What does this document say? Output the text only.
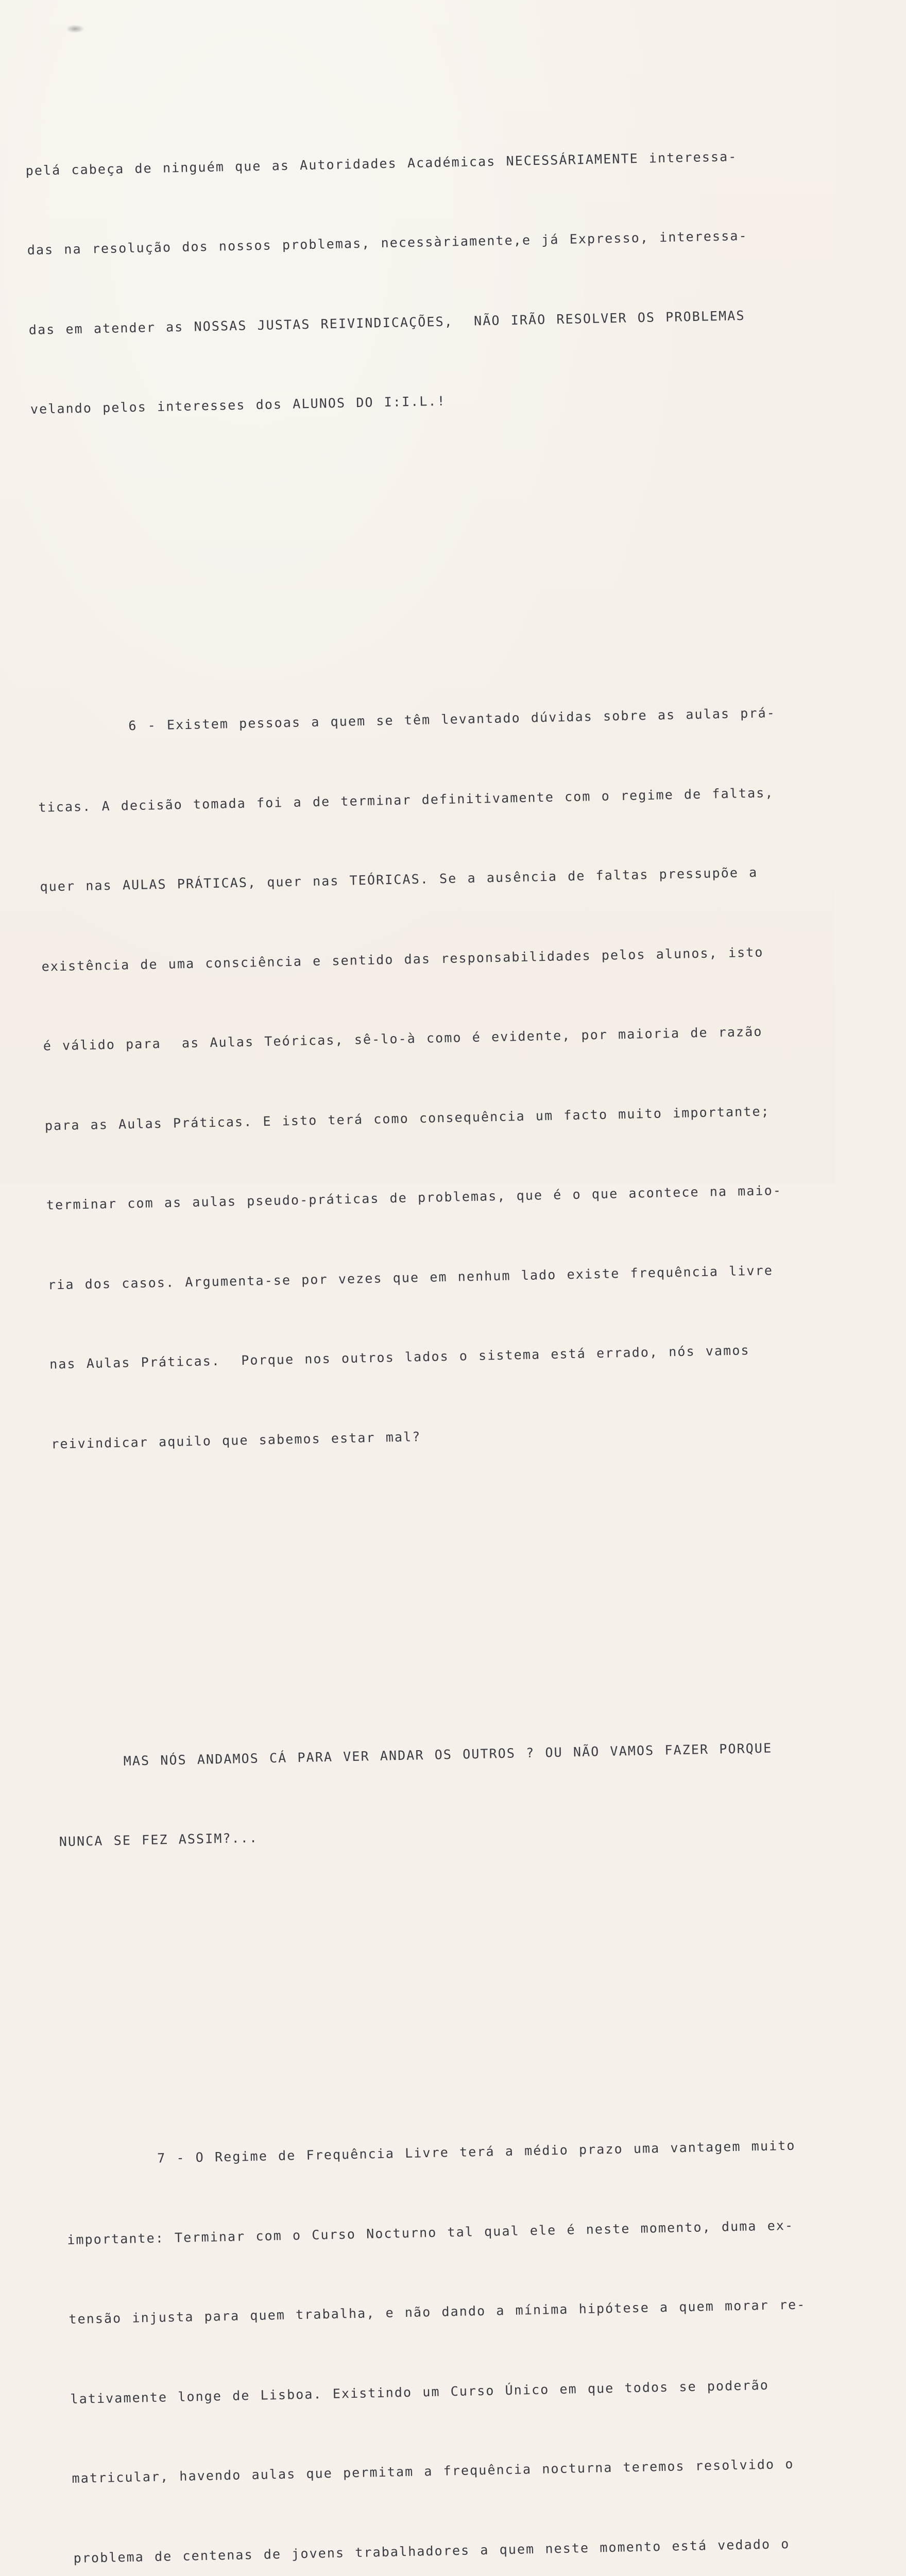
pelá cabeça de ninguém que as Autoridades Académicas NECESSÁRIAMENTE interessa-

das na resolução dos nossos problemas, necessàriamente,e já Expresso, interessa-

das em atender as NOSSAS JUSTAS REIVINDICAÇÕES,  NÃO IRÃO RESOLVER OS PROBLEMAS

velando pelos interesses dos ALUNOS DO I:I.L.!

6 - Existem pessoas a quem se têm levantado dúvidas sobre as aulas prá-

ticas. A decisão tomada foi a de terminar definitivamente com o regime de faltas,

quer nas AULAS PRÁTICAS, quer nas TEÓRICAS. Se a ausência de faltas pressupõe a

existência de uma consciência e sentido das responsabilidades pelos alunos, isto

é válido para  as Aulas Teóricas, sê-lo-à como é evidente, por maioria de razão

para as Aulas Práticas. E isto terá como consequência um facto muito importante;

terminar com as aulas pseudo-práticas de problemas, que é o que acontece na maio-

ria dos casos. Argumenta-se por vezes que em nenhum lado existe frequência livre

nas Aulas Práticas.  Porque nos outros lados o sistema está errado, nós vamos

reivindicar aquilo que sabemos estar mal?

MAS NÓS ANDAMOS CÁ PARA VER ANDAR OS OUTROS ? OU NÃO VAMOS FAZER PORQUE

NUNCA SE FEZ ASSIM?...

7 - O Regime de Frequência Livre terá a médio prazo uma vantagem muito

importante: Terminar com o Curso Nocturno tal qual ele é neste momento, duma ex-

tensão injusta para quem trabalha, e não dando a mínima hipótese a quem morar re-

lativamente longe de Lisboa. Existindo um Curso Único em que todos se poderão

matricular, havendo aulas que permitam a frequência nocturna teremos resolvido o

problema de centenas de jovens trabalhadores a quem neste momento está vedado o
